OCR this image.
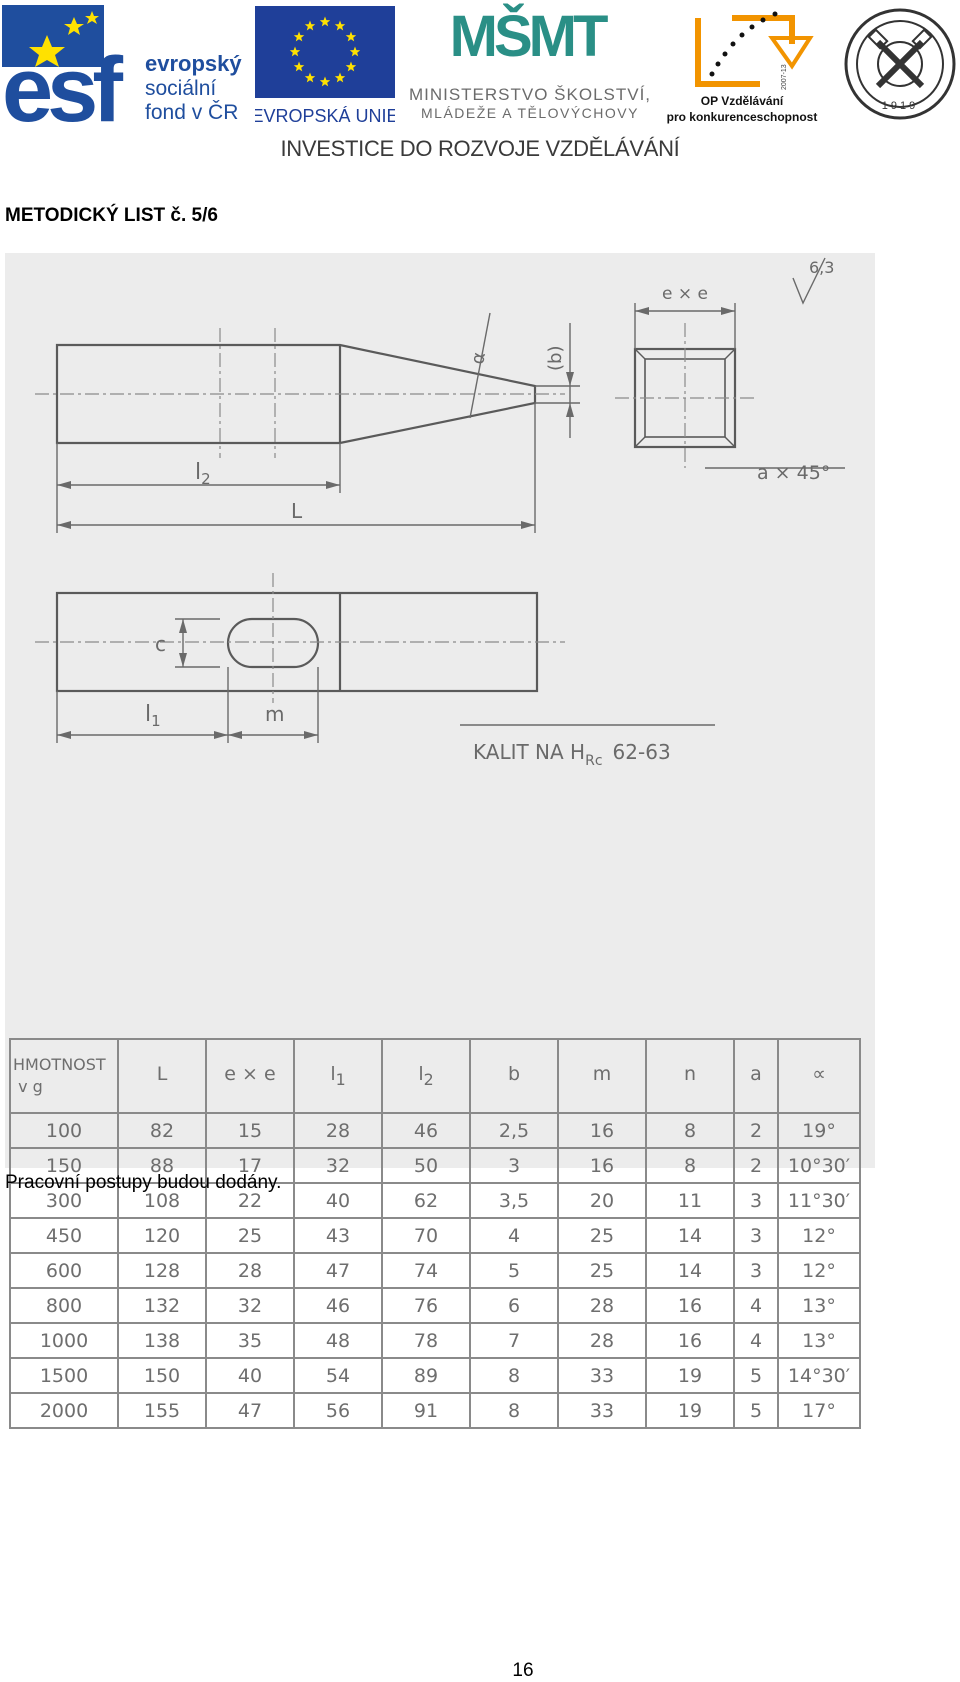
esf evropský
sociální
fond v ČR EVROPSKÁ UNIE
MŠMT
MINISTERSTVO ŠKOLSTVÍ,
MLÁDEŽE A TĚLOVÝCHOVY
2007-13
OP Vzdělávání
pro konkurenceschopnost
1919
INVESTICE DO ROZVOJE VZDĚLÁVÁNÍ
METODICKÝ LIST č. 5/6
6,3
e × e
α	(b)
$l_2$
L
a × 45°
c
$l_1$	m
KALIT NA $H_{Rc}$ 62-63
HMOTNOST
v g	L	e × e	$l_1$	$l_2$	b	m	n	a	∝
100	82	15	28	46	2,5	16	8	2	19°
150	88	17	32	50	3	16	8	2	10°30′
300	108	22	40	62	3,5	20	11	3	11°30′
450	120	25	43	70	4	25	14	3	12°
600	128	28	47	74	5	25	14	3	12°
800	132	32	46	76	6	28	16	4	13°
1000	138	35	48	78	7	28	16	4	13°
1500	150	40	54	89	8	33	19	5	14°30′
2000	155	47	56	91	8	33	19	5	17°
Pracovní postupy budou dodány.
16
